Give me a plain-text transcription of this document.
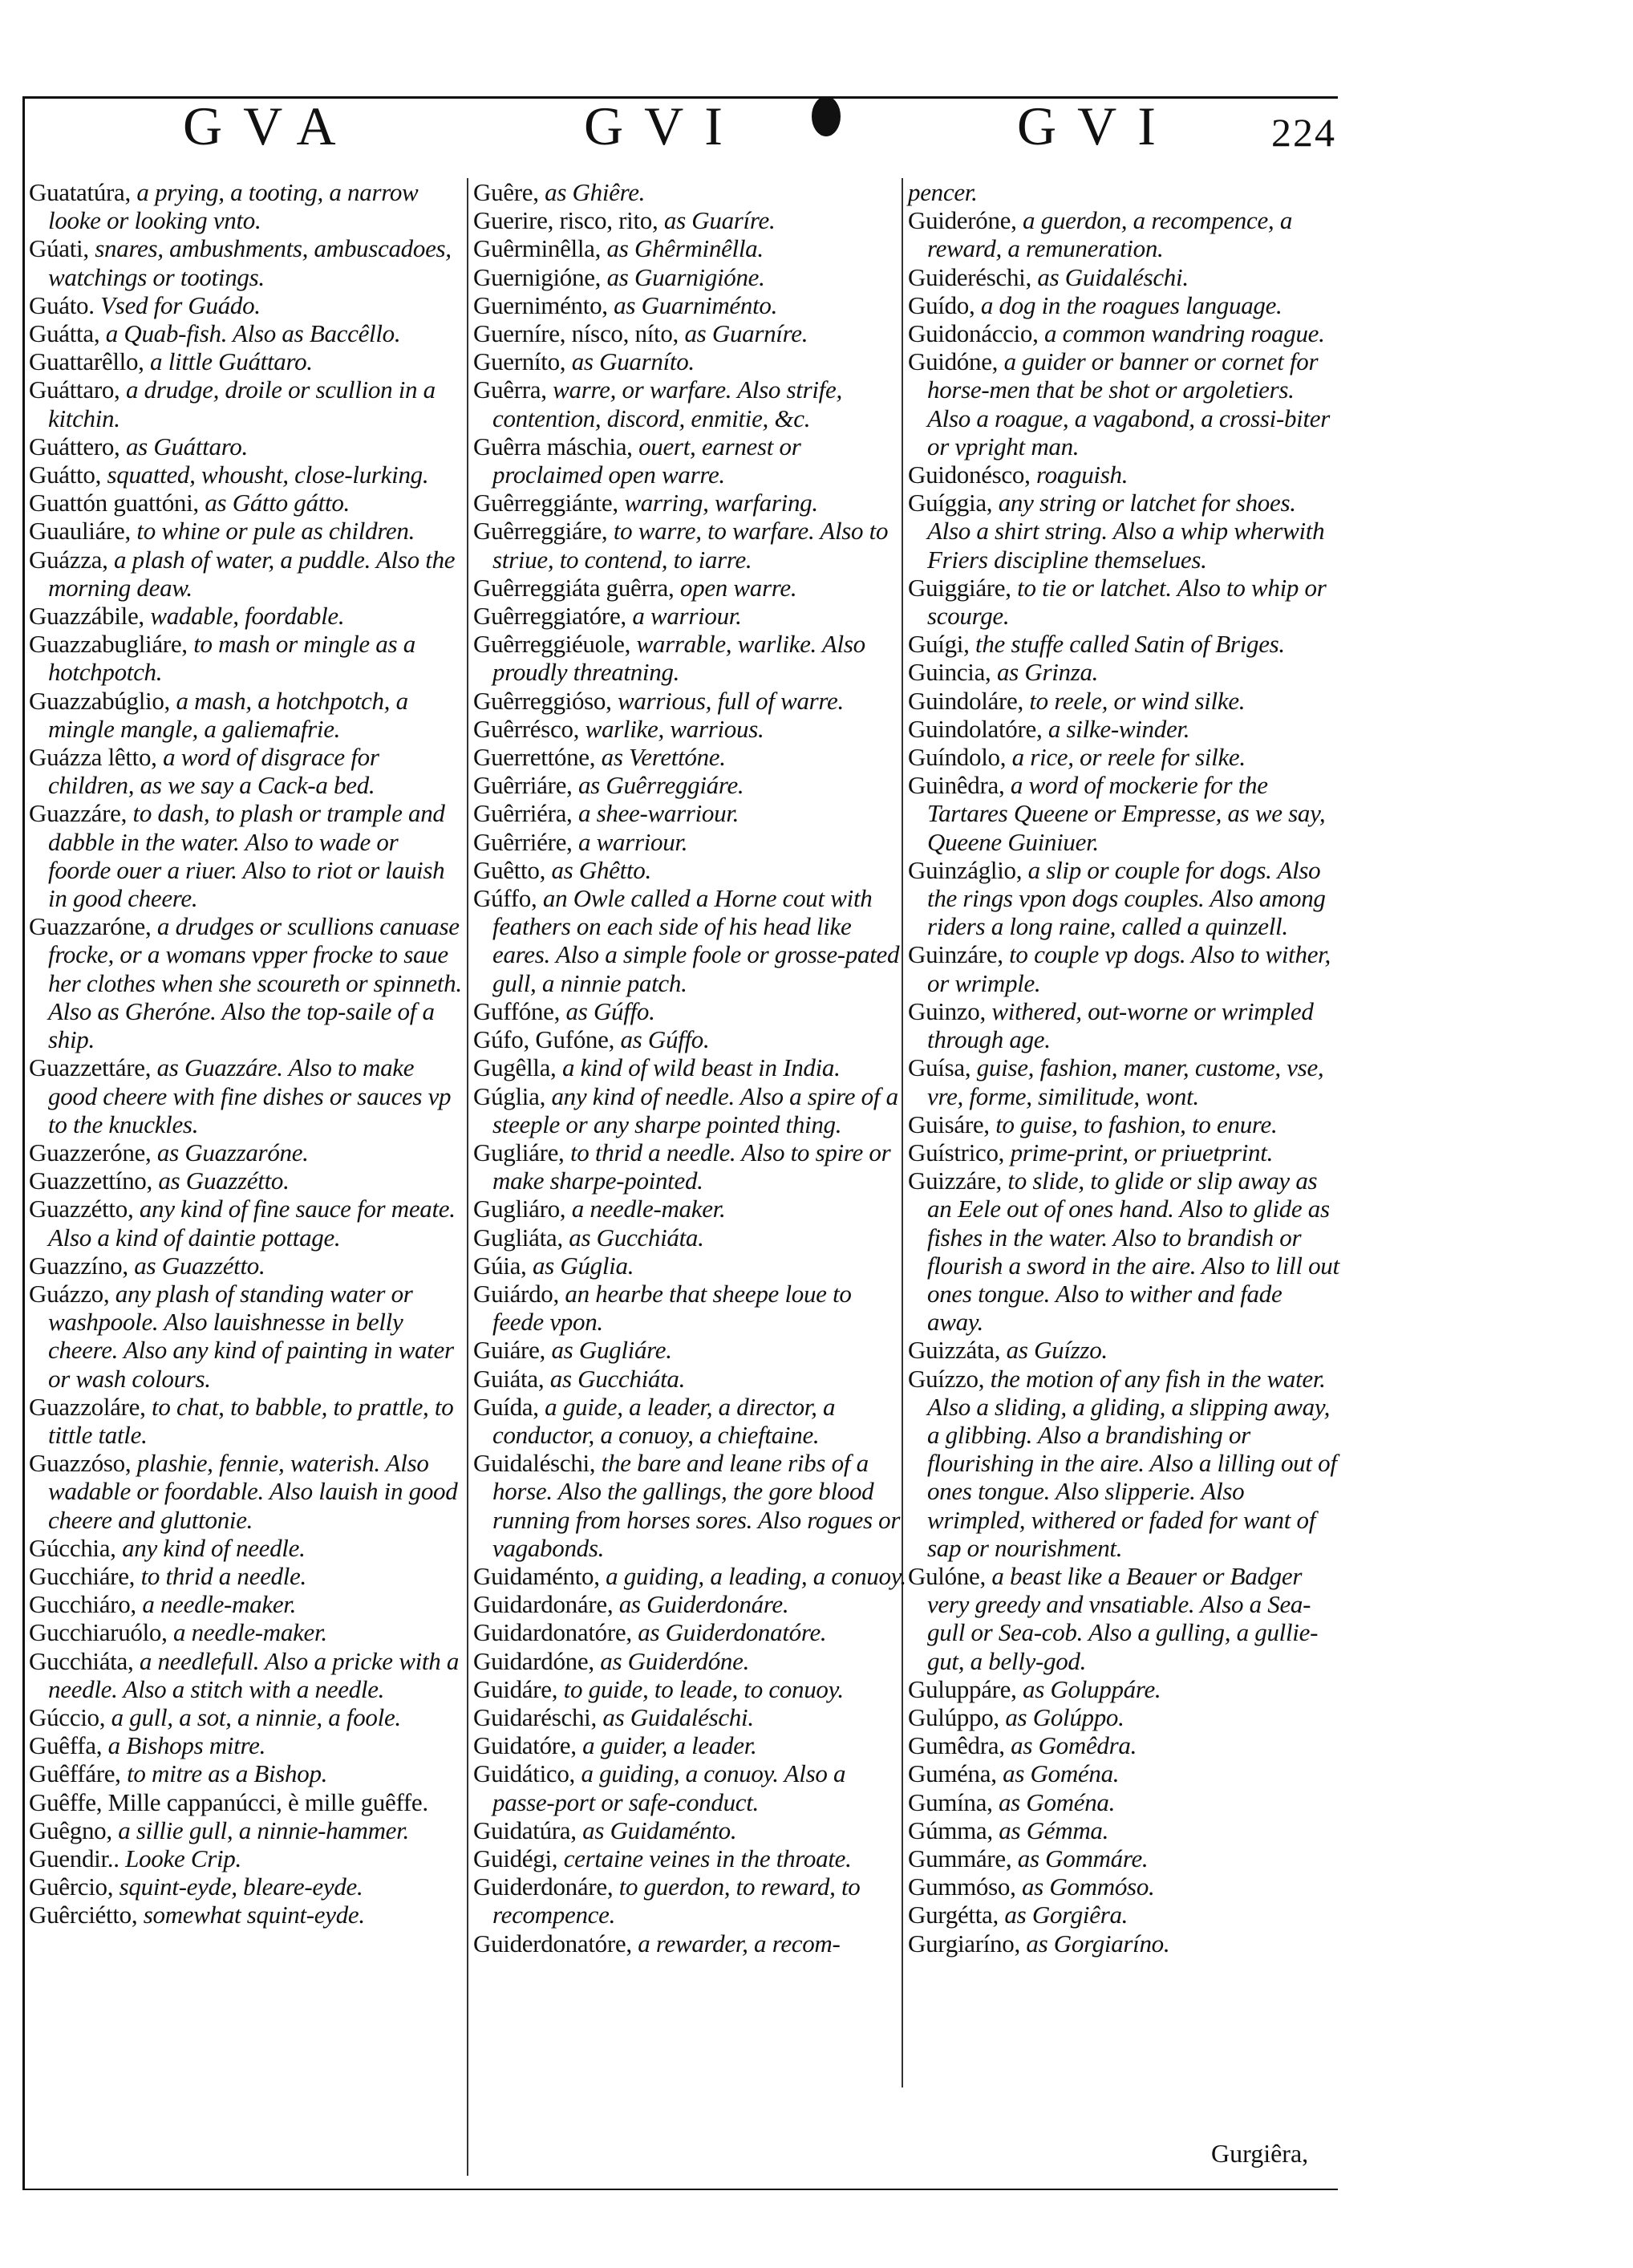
GVA	GVI	GVI 224
Guatatúra, a prying, a tooting, a narrow looke or looking vnto.
Gúati, snares, ambushments, ambuscadoes, watchings or tootings.
Guáto. Vsed for Guádo.
Guátta, a Quab-fish. Also as Baccêllo.
Guattarêllo, a little Guáttaro.
Guáttaro, a drudge, droile or scullion in a kitchin.
Guáttero, as Guáttaro.
Guátto, squatted, whousht, close-lurking.
Guattón guattóni, as Gátto gátto.
Guauliáre, to whine or pule as children.
Guázza, a plash of water, a puddle. Also the morning deaw.
Guazzábile, wadable, foordable.
Guazzabugliáre, to mash or mingle as a hotchpotch.
Guazzabúglio, a mash, a hotchpotch, a mingle mangle, a galiemafrie.
Guázza lêtto, a word of disgrace for children, as we say a Cack-a bed.
Guazzáre, to dash, to plash or trample and dabble in the water. Also to wade or foorde ouer a riuer. Also to riot or lauish in good cheere.
Guazzaróne, a drudges or scullions canuase frocke, or a womans vpper frocke to saue her clothes when she scoureth or spinneth. Also as Gheróne. Also the top-saile of a ship.
Guazzettáre, as Guazzáre. Also to make good cheere with fine dishes or sauces vp to the knuckles.
Guazzeróne, as Guazzaróne.
Guazzettíno, as Guazzétto.
Guazzétto, any kind of fine sauce for meate. Also a kind of daintie pottage.
Guazzíno, as Guazzétto.
Guázzo, any plash of standing water or washpoole. Also lauishnesse in belly cheere. Also any kind of painting in water or wash colours.
Guazzoláre, to chat, to babble, to prattle, to tittle tatle.
Guazzóso, plashie, fennie, waterish. Also wadable or foordable. Also lauish in good cheere and gluttonie.
Gúcchia, any kind of needle.
Gucchiáre, to thrid a needle.
Gucchiáro, a needle-maker.
Gucchiaruólo, a needle-maker.
Gucchiáta, a needlefull. Also a pricke with a needle. Also a stitch with a needle.
Gúccio, a gull, a sot, a ninnie, a foole.
Guêffa, a Bishops mitre.
Guêffáre, to mitre as a Bishop.
Guêffe, Mille cappanúcci, è mille guêffe.
Guêgno, a sillie gull, a ninnie-hammer.
Guendir.. Looke Crip.
Guêrcio, squint-eyde, bleare-eyde.
Guêrciétto, somewhat squint-eyde.
Guêre, as Ghiêre.
Guerire, risco, rito, as Guaríre.
Guêrminêlla, as Ghêrminêlla.
Guernigióne, as Guarnigióne.
Guerniménto, as Guarniménto.
Guerníre, nísco, níto, as Guarníre.
Guerníto, as Guarníto.
Guêrra, warre, or warfare. Also strife, contention, discord, enmitie, &c.
Guêrra máschia, ouert, earnest or proclaimed open warre.
Guêrreggiánte, warring, warfaring.
Guêrreggiáre, to warre, to warfare. Also to striue, to contend, to iarre.
Guêrreggiáta guêrra, open warre.
Guêrreggiatóre, a warriour.
Guêrreggiéuole, warrable, warlike. Also proudly threatning.
Guêrreggióso, warrious, full of warre.
Guêrrésco, warlike, warrious.
Guerrettóne, as Verettóne.
Guêrriáre, as Guêrreggiáre.
Guêrriéra, a shee-warriour.
Guêrriére, a warriour.
Guêtto, as Ghêtto.
Gúffo, an Owle called a Horne cout with feathers on each side of his head like eares. Also a simple foole or grosse-pated gull, a ninnie patch.
Guffóne, as Gúffo.
Gúfo, Gufóne, as Gúffo.
Gugêlla, a kind of wild beast in India.
Gúglia, any kind of needle. Also a spire of a steeple or any sharpe pointed thing.
Gugliáre, to thrid a needle. Also to spire or make sharpe-pointed.
Gugliáro, a needle-maker.
Gugliáta, as Gucchiáta.
Gúia, as Gúglia.
Guiárdo, an hearbe that sheepe loue to feede vpon.
Guiáre, as Gugliáre.
Guiáta, as Gucchiáta.
Guída, a guide, a leader, a director, a conductor, a conuoy, a chieftaine.
Guidaléschi, the bare and leane ribs of a horse. Also the gallings, the gore blood running from horses sores. Also rogues or vagabonds.
Guidaménto, a guiding, a leading, a conuoy.
Guidardonáre, as Guiderdonáre.
Guidardonatóre, as Guiderdonatóre.
Guidardóne, as Guiderdóne.
Guidáre, to guide, to leade, to conuoy.
Guidaréschi, as Guidaléschi.
Guidatóre, a guider, a leader.
Guidático, a guiding, a conuoy. Also a passe-port or safe-conduct.
Guidatúra, as Guidaménto.
Guidégi, certaine veines in the throate.
Guiderdonáre, to guerdon, to reward, to recompence.
Guiderdonatóre, a rewarder, a recom-
pencer.
Guideróne, a guerdon, a recompence, a reward, a remuneration.
Guideréschi, as Guidaléschi.
Guído, a dog in the roagues language.
Guidonáccio, a common wandring roague.
Guidóne, a guider or banner or cornet for horse-men that be shot or argoletiers. Also a roague, a vagabond, a crossi-biter or vpright man.
Guidonésco, roaguish.
Guíggia, any string or latchet for shoes. Also a shirt string. Also a whip wherwith Friers discipline themselues.
Guiggiáre, to tie or latchet. Also to whip or scourge.
Guígi, the stuffe called Satin of Briges.
Guincia, as Grinza.
Guindoláre, to reele, or wind silke.
Guindolatóre, a silke-winder.
Guíndolo, a rice, or reele for silke.
Guinêdra, a word of mockerie for the Tartares Queene or Empresse, as we say, Queene Guiniuer.
Guinzáglio, a slip or couple for dogs. Also the rings vpon dogs couples. Also among riders a long raine, called a quinzell.
Guinzáre, to couple vp dogs. Also to wither, or wrimple.
Guinzo, withered, out-worne or wrimpled through age.
Guísa, guise, fashion, maner, custome, vse, vre, forme, similitude, wont.
Guisáre, to guise, to fashion, to enure.
Guístrico, prime-print, or priuetprint.
Guizzáre, to slide, to glide or slip away as an Eele out of ones hand. Also to glide as fishes in the water. Also to brandish or flourish a sword in the aire. Also to lill out ones tongue. Also to wither and fade away.
Guizzáta, as Guízzo.
Guízzo, the motion of any fish in the water. Also a sliding, a gliding, a slipping away, a glibbing. Also a brandishing or flourishing in the aire. Also a lilling out of ones tongue. Also slipperie. Also wrimpled, withered or faded for want of sap or nourishment.
Gulóne, a beast like a Beauer or Badger very greedy and vnsatiable. Also a Sea-gull or Sea-cob. Also a gulling, a gullie-gut, a belly-god.
Guluppáre, as Goluppáre.
Gulúppo, as Golúppo.
Gumêdra, as Gomêdra.
Guména, as Goména.
Gumína, as Goména.
Gúmma, as Gémma.
Gummáre, as Gommáre.
Gummóso, as Gommóso.
Gurgétta, as Gorgiêra.
Gurgiaríno, as Gorgiaríno.
Gurgiêra,
